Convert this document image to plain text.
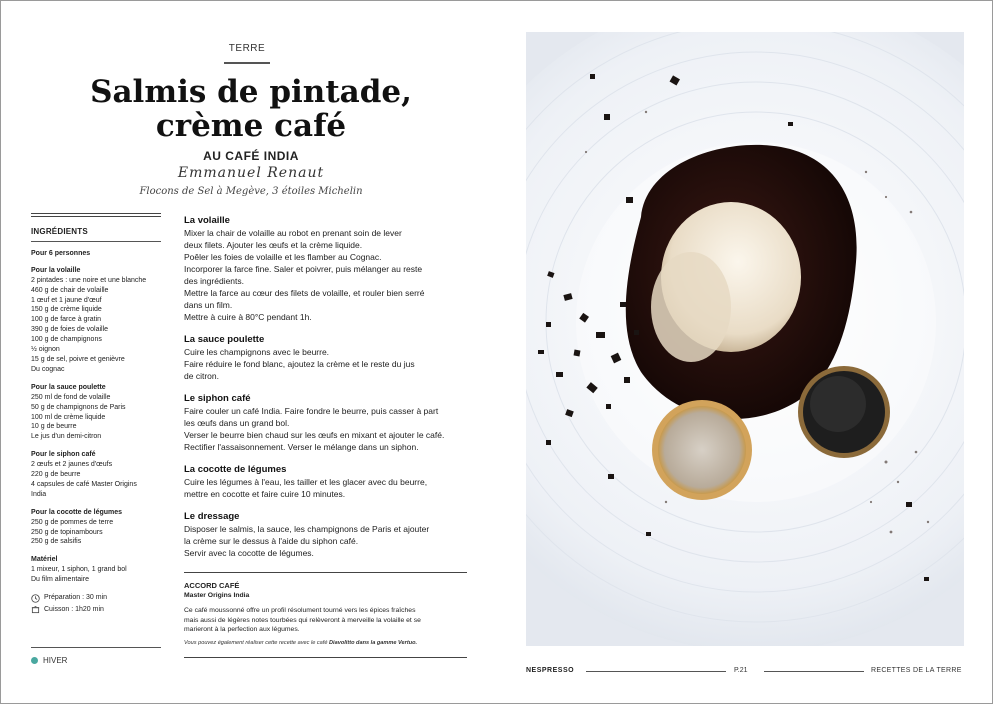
TERRE
Salmis de pintade,
crème café
AU CAFÉ INDIA
Emmanuel Renaut
Flocons de Sel à Megève, 3 étoiles Michelin
INGRÉDIENTS
Pour 6 personnes
Pour la volaille
2 pintades : une noire et une blanche
460 g de chair de volaille
1 œuf et 1 jaune d'œuf
150 g de crème liquide
100 g de farce à gratin
390 g de foies de volaille
100 g de champignons
½ oignon
15 g de sel, poivre et genièvre
Du cognac
Pour la sauce poulette
250 ml de fond de volaille
50 g de champignons de Paris
100 ml de crème liquide
10 g de beurre
Le jus d'un demi-citron
Pour le siphon café
2 œufs et 2 jaunes d'œufs
220 g de beurre
4 capsules de café Master Origins
India
Pour la cocotte de légumes
250 g de pommes de terre
250 g de topinambours
250 g de salsifis
Matériel
1 mixeur, 1 siphon, 1 grand bol
Du film alimentaire
Préparation : 30 min
Cuisson : 1h20 min
HIVER
La volaille
Mixer la chair de volaille au robot en prenant soin de lever
deux filets. Ajouter les œufs et la crème liquide.
Poêler les foies de volaille et les flamber au Cognac.
Incorporer la farce fine. Saler et poivrer, puis mélanger au reste
des ingrédients.
Mettre la farce au cœur des filets de volaille, et rouler bien serré
dans un film.
Mettre à cuire à 80°C pendant 1h.
La sauce poulette
Cuire les champignons avec le beurre.
Faire réduire le fond blanc, ajoutez la crème et le reste du jus
de citron.
Le siphon café
Faire couler un café India. Faire fondre le beurre, puis casser à part
les œufs dans un grand bol.
Verser le beurre bien chaud sur les œufs en mixant et ajouter le café.
Rectifier l'assaisonnement. Verser le mélange dans un siphon.
La cocotte de légumes
Cuire les légumes à l'eau, les tailler et les glacer avec du beurre,
mettre en cocotte et faire cuire 10 minutes.
Le dressage
Disposer le salmis, la sauce, les champignons de Paris et ajouter
la crème sur le dessus à l'aide du siphon café.
Servir avec la cocotte de légumes.
ACCORD CAFÉ
Master Origins India
Ce café moussonné offre un profil résolument tourné vers les épices fraîches
mais aussi de légères notes tourbées qui relèveront à merveille la volaille et se
marieront à la perfection aux légumes.
Vous pouvez également réaliser cette recette avec le café Diavolitto dans la gamme Vertuo.
NESPRESSO	P.21	RECETTES DE LA TERRE
